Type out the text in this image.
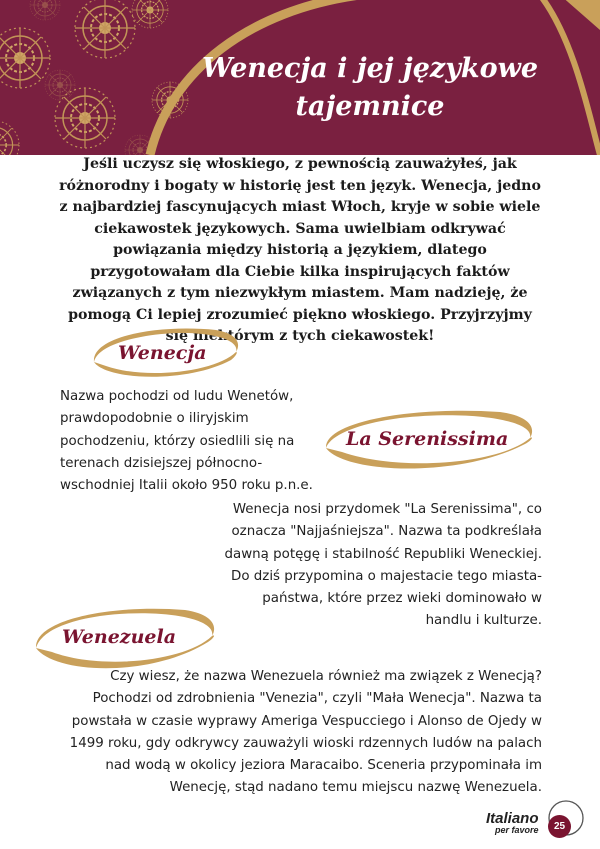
Wenecja i jej językowe
tajemnice
Jeśli uczysz się włoskiego, z pewnością zauważyłeś, jak różnorodny i bogaty w historię jest ten język. Wenecja, jedno z najbardziej fascynujących miast Włoch, kryje w sobie wiele ciekawostek językowych. Sama uwielbiam odkrywać powiązania między historią a językiem, dlatego przygotowałam dla Ciebie kilka inspirujących faktów związanych z tym niezwykłym miastem. Mam nadzieję, że pomogą Ci lepiej zrozumieć piękno włoskiego. Przyjrzyjmy się niektórym z tych ciekawostek!
Wenecja
Nazwa pochodzi od ludu Wenetów, prawdopodobnie o iliryjskim pochodzeniu, którzy osiedlili się na terenach dzisiejszej północno-wschodniej Italii około 950 roku p.n.e.
La Serenissima
Wenecja nosi przydomek "La Serenissima", co oznacza "Najjaśniejsza". Nazwa ta podkreślała dawną potęgę i stabilność Republiki Weneckiej. Do dziś przypomina o majestacie tego miasta-państwa, które przez wieki dominowało w handlu i kulturze.
Wenezuela
Czy wiesz, że nazwa Wenezuela również ma związek z Wenecją? Pochodzi od zdrobnienia "Venezia", czyli "Mała Wenecja". Nazwa ta powstała w czasie wyprawy Ameriga Vespucciego i Alonso de Ojedy w 1499 roku, gdy odkrywcy zauważyli wioski rdzennych ludów na palach nad wodą w okolicy jeziora Maracaibo. Sceneria przypominała im Wenecję, stąd nadano temu miejscu nazwę Wenezuela.
Italiano
per favore	25
